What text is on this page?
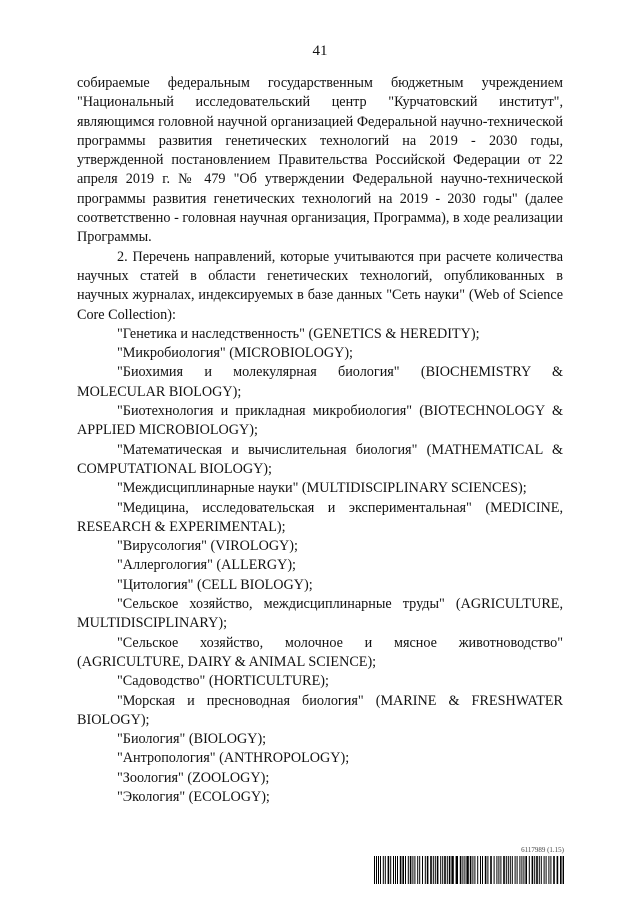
41

собираемые федеральным государственным бюджетным учреждением "Национальный исследовательский центр "Курчатовский институт", являющимся головной научной организацией Федеральной научно-технической программы развития генетических технологий на 2019 - 2030 годы, утвержденной постановлением Правительства Российской Федерации от 22 апреля 2019 г. № 479 "Об утверждении Федеральной научно-технической программы развития генетических технологий на 2019 - 2030 годы" (далее соответственно - головная научная организация, Программа), в ходе реализации Программы.

2. Перечень направлений, которые учитываются при расчете количества научных статей в области генетических технологий, опубликованных в научных журналах, индексируемых в базе данных "Сеть науки" (Web of Science Core Collection):

"Генетика и наследственность" (GENETICS & HEREDITY);

"Микробиология" (MICROBIOLOGY);

"Биохимия и молекулярная биология" (BIOCHEMISTRY & MOLECULAR BIOLOGY);

"Биотехнология и прикладная микробиология" (BIOTECHNOLOGY & APPLIED MICROBIOLOGY);

"Математическая и вычислительная биология" (MATHEMATICAL & COMPUTATIONAL BIOLOGY);

"Междисциплинарные науки" (MULTIDISCIPLINARY SCIENCES);

"Медицина, исследовательская и экспериментальная" (MEDICINE, RESEARCH & EXPERIMENTAL);

"Вирусология" (VIROLOGY);

"Аллергология" (ALLERGY);

"Цитология" (CELL BIOLOGY);

"Сельское хозяйство, междисциплинарные труды" (AGRICULTURE, MULTIDISCIPLINARY);

"Сельское хозяйство, молочное и мясное животноводство" (AGRICULTURE, DAIRY & ANIMAL SCIENCE);

"Садоводство" (HORTICULTURE);

"Морская и пресноводная биология" (MARINE & FRESHWATER BIOLOGY);

"Биология" (BIOLOGY);

"Антропология" (ANTHROPOLOGY);

"Зоология" (ZOOLOGY);

"Экология" (ECOLOGY);

6117989 (1.15)
